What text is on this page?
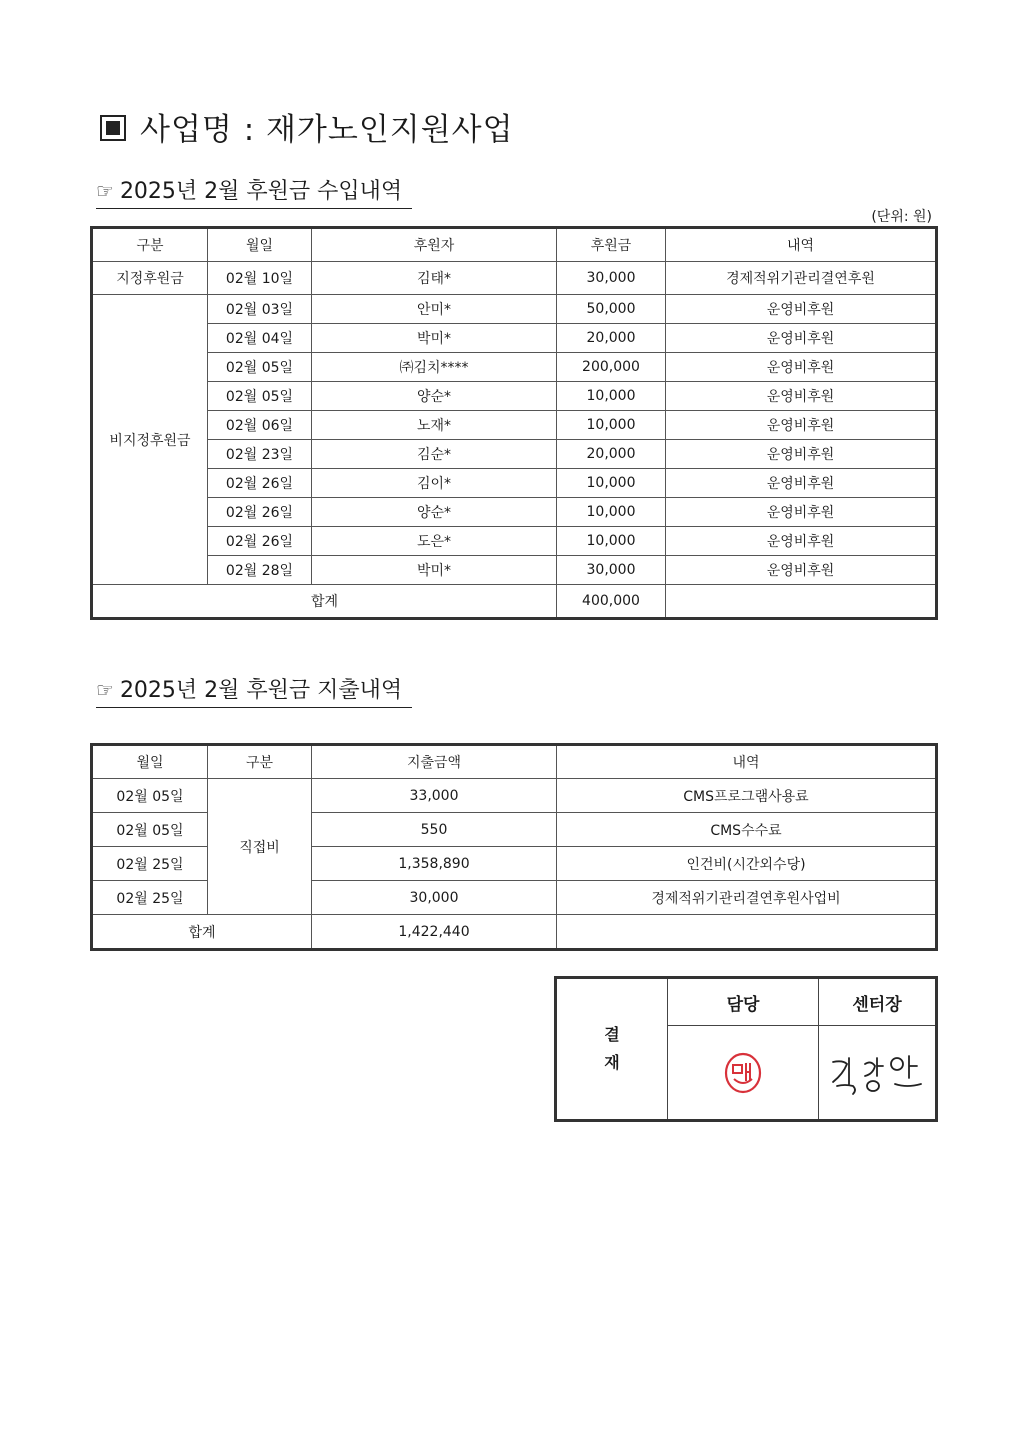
사업명 : 재가노인지원사업
☞ 2025년 2월 후원금 수입내역
(단위: 원)
구분	월일	후원자	후원금	내역
지정후원금	02월 10일	김태*	30,000	경제적위기관리결연후원
비지정후원금	02월 03일	안미*	50,000	운영비후원
	02월 04일	박미*	20,000	운영비후원
	02월 05일	㈜김치****	200,000	운영비후원
	02월 05일	양순*	10,000	운영비후원
	02월 06일	노재*	10,000	운영비후원
	02월 23일	김순*	20,000	운영비후원
	02월 26일	김이*	10,000	운영비후원
	02월 26일	양순*	10,000	운영비후원
	02월 26일	도은*	10,000	운영비후원
	02월 28일	박미*	30,000	운영비후원
합계			400,000	
☞ 2025년 2월 후원금 지출내역
월일	구분	지출금액	내역
02월 05일	직접비	33,000	CMS프로그램사용료
02월 05일		550	CMS수수료
02월 25일		1,358,890	인건비(시간외수당)
02월 25일		30,000	경제적위기관리결연후원사업비
합계		1,422,440	
결
재
담당	센터장
